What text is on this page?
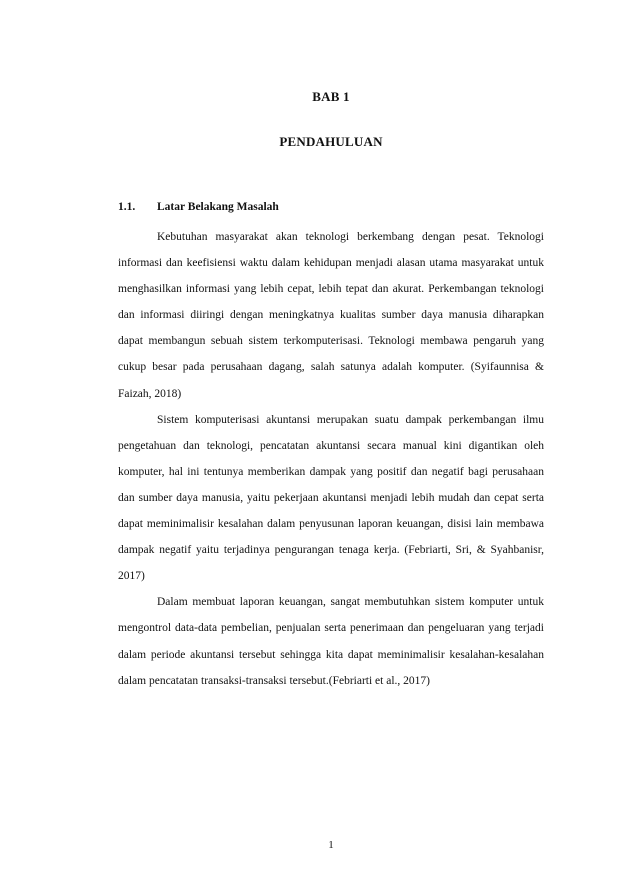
BAB 1
PENDAHULUAN
1.1. Latar Belakang Masalah

Kebutuhan masyarakat akan teknologi berkembang dengan pesat. Teknologi informasi dan keefisiensi waktu dalam kehidupan menjadi alasan utama masyarakat untuk menghasilkan informasi yang lebih cepat, lebih tepat dan akurat. Perkembangan teknologi dan informasi diiringi dengan meningkatnya kualitas sumber daya manusia diharapkan dapat membangun sebuah sistem terkomputerisasi. Teknologi membawa pengaruh yang cukup besar pada perusahaan dagang, salah satunya adalah komputer. (Syifaunnisa & Faizah, 2018)

Sistem komputerisasi akuntansi merupakan suatu dampak perkembangan ilmu pengetahuan dan teknologi, pencatatan akuntansi secara manual kini digantikan oleh komputer, hal ini tentunya memberikan dampak yang positif dan negatif bagi perusahaan dan sumber daya manusia, yaitu pekerjaan akuntansi menjadi lebih mudah dan cepat serta dapat meminimalisir kesalahan dalam penyusunan laporan keuangan, disisi lain membawa dampak negatif yaitu terjadinya pengurangan tenaga kerja. (Febriarti, Sri, & Syahbanisr, 2017)

Dalam membuat laporan keuangan, sangat membutuhkan sistem komputer untuk mengontrol data-data pembelian, penjualan serta penerimaan dan pengeluaran yang terjadi dalam periode akuntansi tersebut sehingga kita dapat meminimalisir kesalahan-kesalahan dalam pencatatan transaksi-transaksi tersebut.(Febriarti et al., 2017)

1
